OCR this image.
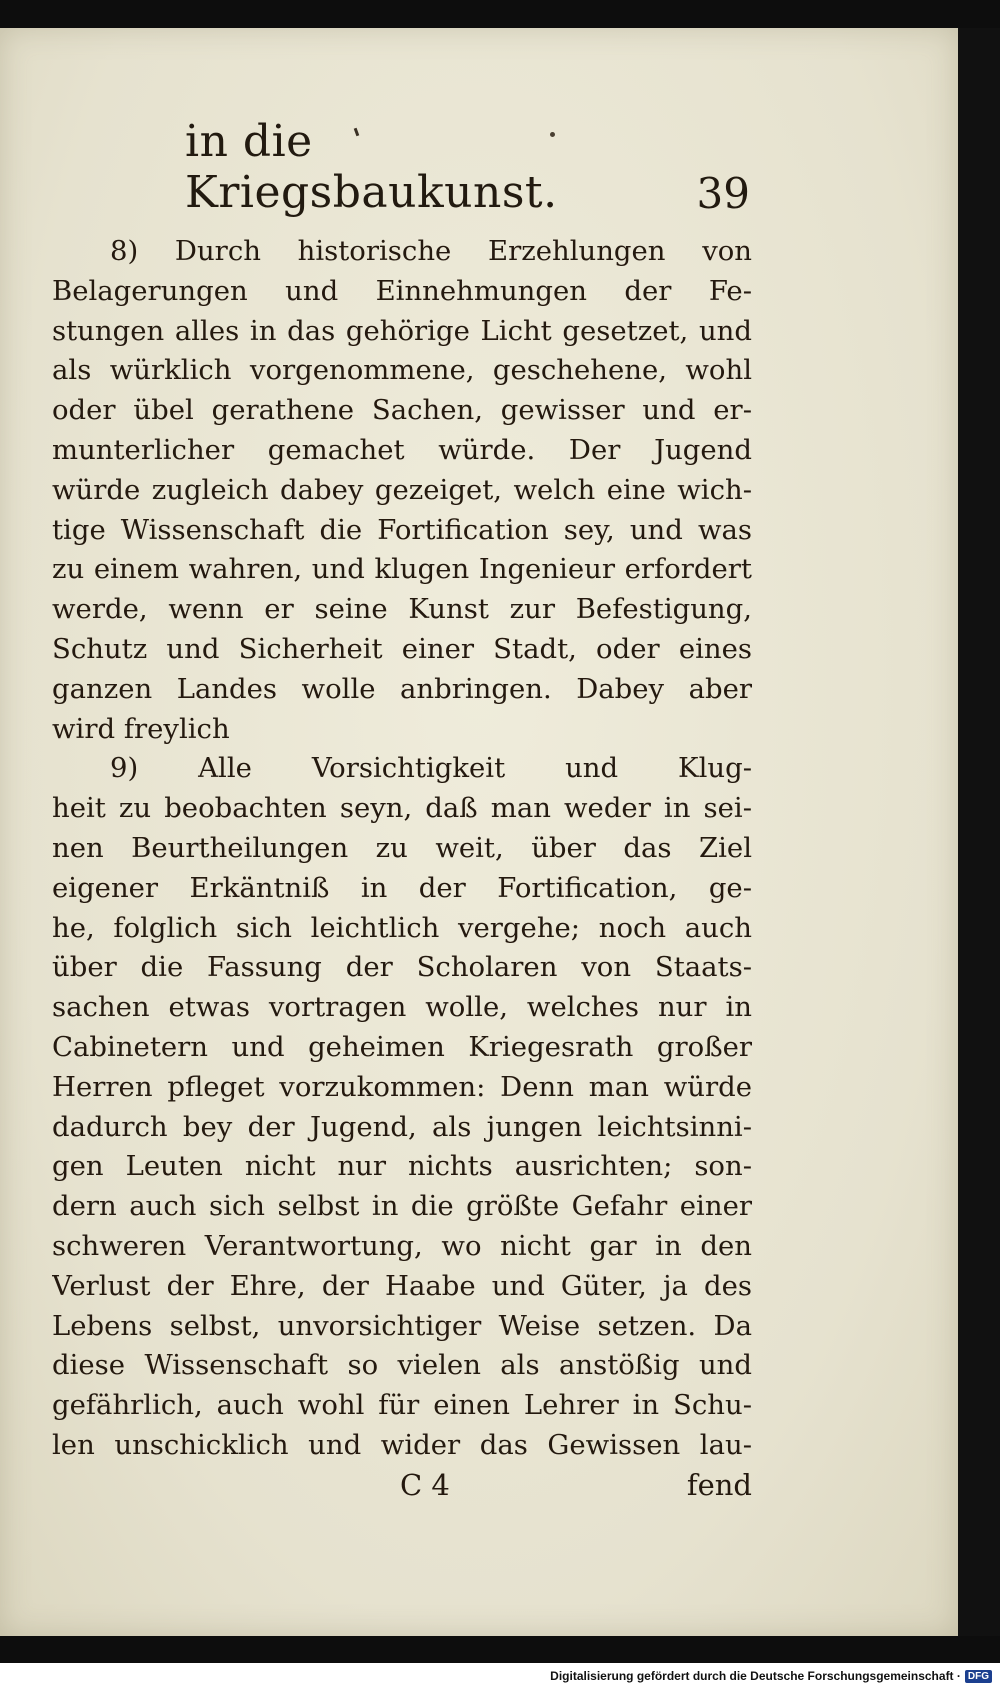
in die Kriegsbaukunst.	39
8) Durch historische Erzehlungen von
Belagerungen und Einnehmungen der Fe-
stungen alles in das gehörige Licht gesetzet, und
als würklich vorgenommene, geschehene, wohl
oder übel gerathene Sachen, gewisser und er-
munterlicher gemachet würde. Der Jugend
würde zugleich dabey gezeiget, welch eine wich-
tige Wissenschaft die Fortification sey, und was
zu einem wahren, und klugen Ingenieur erfordert
werde, wenn er seine Kunst zur Befestigung,
Schutz und Sicherheit einer Stadt, oder eines
ganzen Landes wolle anbringen. Dabey aber
wird freylich
9) Alle Vorsichtigkeit und Klug-
heit zu beobachten seyn, daß man weder in sei-
nen Beurtheilungen zu weit, über das Ziel
eigener Erkäntniß in der Fortification, ge-
he, folglich sich leichtlich vergehe; noch auch
über die Fassung der Scholaren von Staats-
sachen etwas vortragen wolle, welches nur in
Cabinetern und geheimen Kriegesrath großer
Herren pfleget vorzukommen: Denn man würde
dadurch bey der Jugend, als jungen leichtsinni-
gen Leuten nicht nur nichts ausrichten; son-
dern auch sich selbst in die größte Gefahr einer
schweren Verantwortung, wo nicht gar in den
Verlust der Ehre, der Haabe und Güter, ja des
Lebens selbst, unvorsichtiger Weise setzen. Da
diese Wissenschaft so vielen als anstößig und
gefährlich, auch wohl für einen Lehrer in Schu-
len unschicklich und wider das Gewissen lau-
C 4	fend
Digitalisierung gefördert durch die Deutsche Forschungsgemeinschaft · DFG
